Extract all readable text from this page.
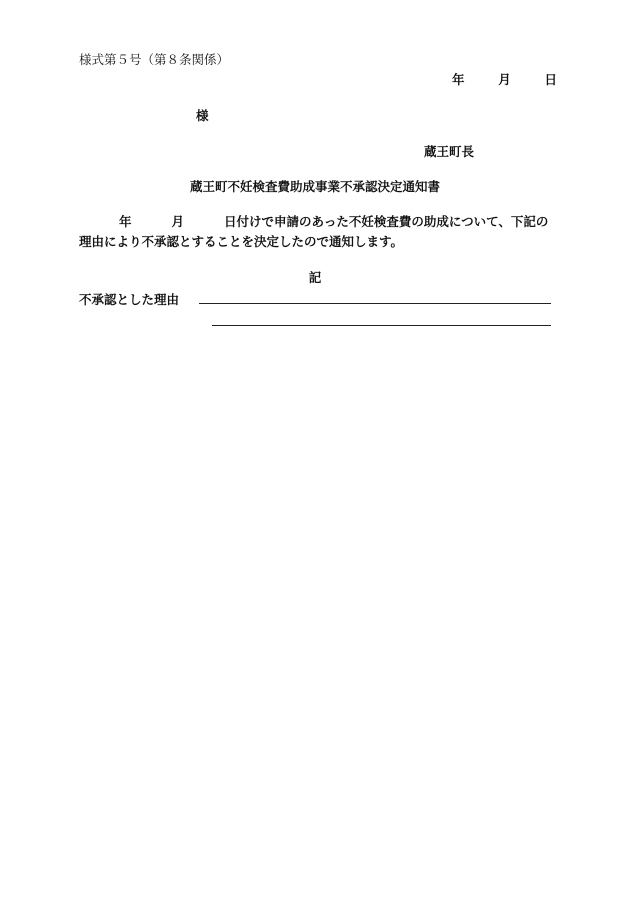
様式第５号（第８条関係）
年	月	日
様
蔵王町長
蔵王町不妊検査費助成事業不承認決定通知書
年	月	日付けで申請のあった不妊検査費の助成について、下記の
理由により不承認とすることを決定したので通知します。
記
不承認とした理由
